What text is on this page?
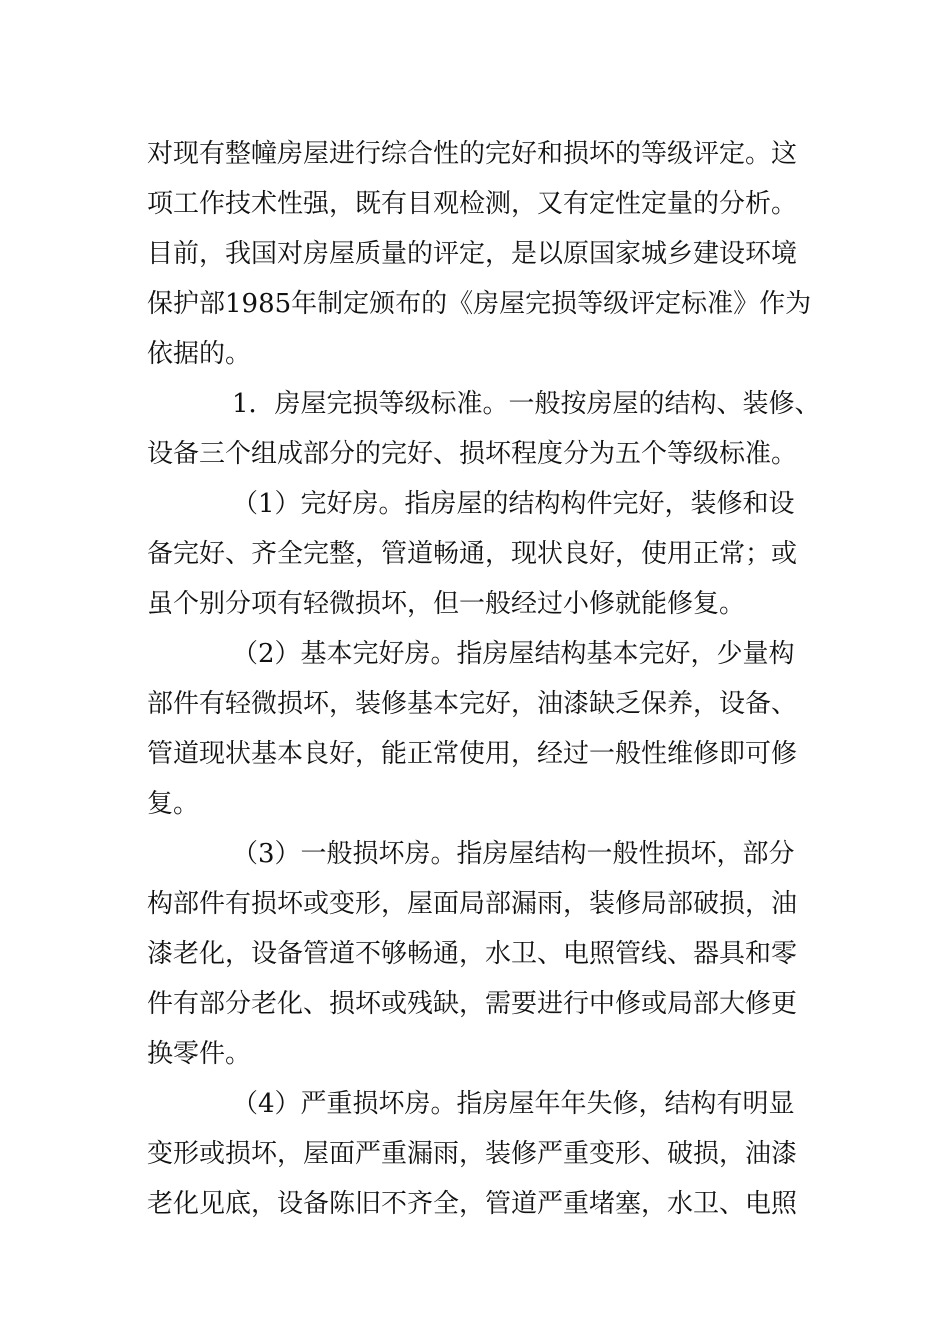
对现有整幢房屋进行综合性的完好和损坏的等级评定。这

项工作技术性强，既有目观检测，又有定性定量的分析。

目前，我国对房屋质量的评定，是以原国家城乡建设环境

保护部1985年制定颁布的《房屋完损等级评定标准》作为

依据的。

1．房屋完损等级标准。一般按房屋的结构、装修、

设备三个组成部分的完好、损坏程度分为五个等级标准。

（1）完好房。指房屋的结构构件完好，装修和设

备完好、齐全完整，管道畅通，现状良好，使用正常；或

虽个别分项有轻微损坏，但一般经过小修就能修复。

（2）基本完好房。指房屋结构基本完好，少量构

部件有轻微损坏，装修基本完好，油漆缺乏保养，设备、

管道现状基本良好，能正常使用，经过一般性维修即可修

复。

（3）一般损坏房。指房屋结构一般性损坏，部分

构部件有损坏或变形，屋面局部漏雨，装修局部破损，油

漆老化，设备管道不够畅通，水卫、电照管线、器具和零

件有部分老化、损坏或残缺，需要进行中修或局部大修更

换零件。

（4）严重损坏房。指房屋年年失修，结构有明显

变形或损坏，屋面严重漏雨，装修严重变形、破损，油漆

老化见底，设备陈旧不齐全，管道严重堵塞，水卫、电照
